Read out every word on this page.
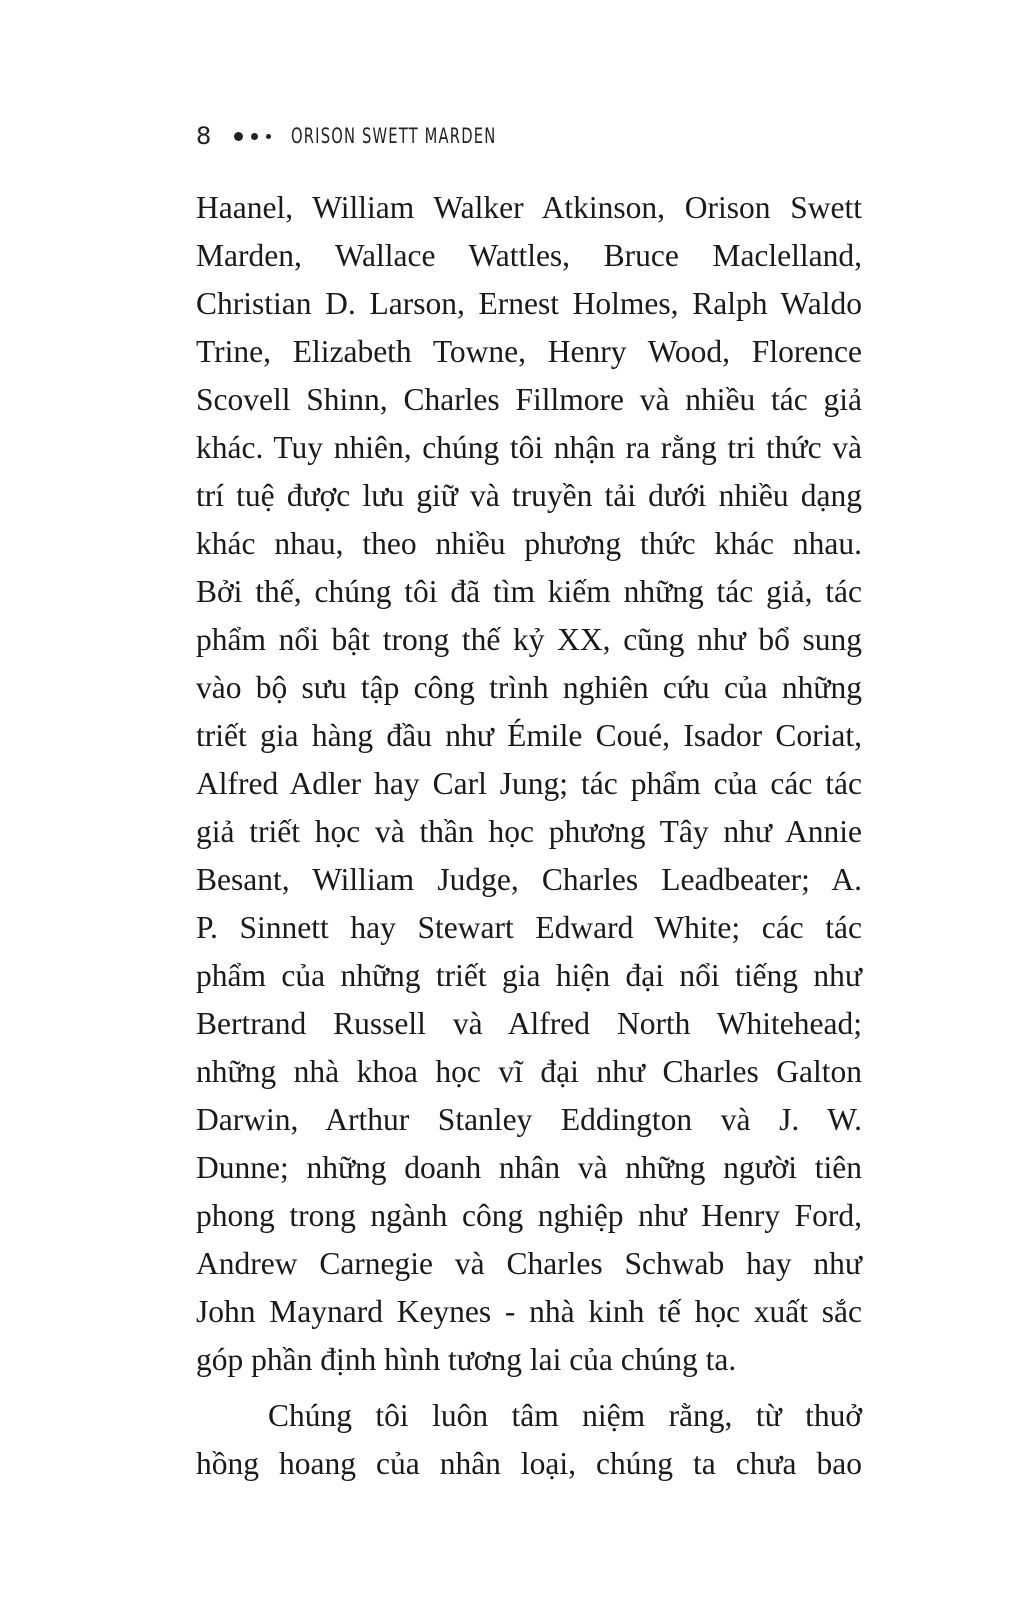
8	ORISON SWETT MARDEN
Haanel, William Walker Atkinson, Orison Swett
Marden, Wallace Wattles, Bruce Maclelland,
Christian D. Larson, Ernest Holmes, Ralph Waldo
Trine, Elizabeth Towne, Henry Wood, Florence
Scovell Shinn, Charles Fillmore và nhiều tác giả
khác. Tuy nhiên, chúng tôi nhận ra rằng tri thức và
trí tuệ được lưu giữ và truyền tải dưới nhiều dạng
khác nhau, theo nhiều phương thức khác nhau.
Bởi thế, chúng tôi đã tìm kiếm những tác giả, tác
phẩm nổi bật trong thế kỷ XX, cũng như bổ sung
vào bộ sưu tập công trình nghiên cứu của những
triết gia hàng đầu như Émile Coué, Isador Coriat,
Alfred Adler hay Carl Jung; tác phẩm của các tác
giả triết học và thần học phương Tây như Annie
Besant, William Judge, Charles Leadbeater; A.
P. Sinnett hay Stewart Edward White; các tác
phẩm của những triết gia hiện đại nổi tiếng như
Bertrand Russell và Alfred North Whitehead;
những nhà khoa học vĩ đại như Charles Galton
Darwin, Arthur Stanley Eddington và J. W.
Dunne; những doanh nhân và những người tiên
phong trong ngành công nghiệp như Henry Ford,
Andrew Carnegie và Charles Schwab hay như
John Maynard Keynes - nhà kinh tế học xuất sắc
góp phần định hình tương lai của chúng ta.
Chúng tôi luôn tâm niệm rằng, từ thuở
hồng hoang của nhân loại, chúng ta chưa bao
